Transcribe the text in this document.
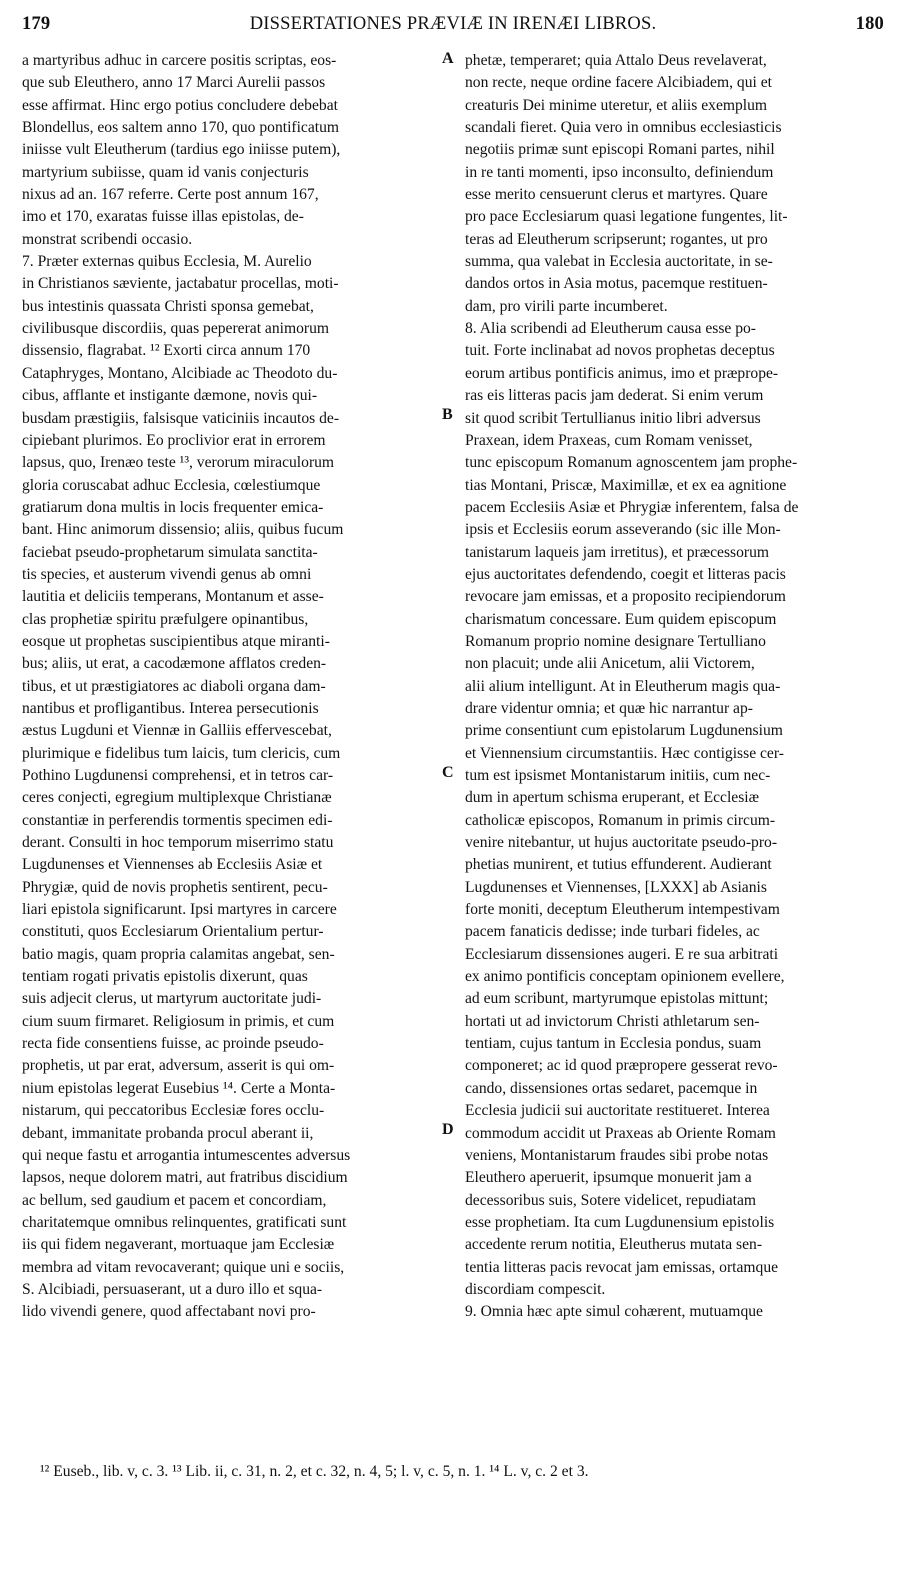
179	DISSERTATIONES PRÆVIÆ IN IRENÆI LIBROS.	180

a martyribus adhuc in carcere positis scriptas, eos-

que sub Eleuthero, anno 17 Marci Aurelii passos

esse affirmat. Hinc ergo potius concludere debebat

Blondellus, eos saltem anno 170, quo pontificatum

iniisse vult Eleutherum (tardius ego iniisse putem),

martyrium subiisse, quam id vanis conjecturis

nixus ad an. 167 referre. Certe post annum 167,

imo et 170, exaratas fuisse illas epistolas, de-

monstrat scribendi occasio.

7. Præter externas quibus Ecclesia, M. Aurelio

in Christianos sæviente, jactabatur procellas, moti-

bus intestinis quassata Christi sponsa gemebat,

civilibusque discordiis, quas pepererat animorum

dissensio, flagrabat. ¹² Exorti circa annum 170

Cataphryges, Montano, Alcibiade ac Theodoto du-

cibus, afflante et instigante dæmone, novis qui-

busdam præstigiis, falsisque vaticiniis incautos de-

cipiebant plurimos. Eo proclivior erat in errorem

lapsus, quo, Irenæo teste ¹³, verorum miraculorum

gloria coruscabat adhuc Ecclesia, cœlestiumque

gratiarum dona multis in locis frequenter emica-

bant. Hinc animorum dissensio; aliis, quibus fucum

faciebat pseudo-prophetarum simulata sanctita-

tis species, et austerum vivendi genus ab omni

lautitia et deliciis temperans, Montanum et asse-

clas prophetiæ spiritu præfulgere opinantibus,

eosque ut prophetas suscipientibus atque miranti-

bus; aliis, ut erat, a cacodæmone afflatos creden-

tibus, et ut præstigiatores ac diaboli organa dam-

nantibus et profligantibus. Interea persecutionis

æstus Lugduni et Viennæ in Galliis effervescebat,

plurimique e fidelibus tum laicis, tum clericis, cum

Pothino Lugdunensi comprehensi, et in tetros car-

ceres conjecti, egregium multiplexque Christianæ

constantiæ in perferendis tormentis specimen edi-

derant. Consulti in hoc temporum miserrimo statu

Lugdunenses et Viennenses ab Ecclesiis Asiæ et

Phrygiæ, quid de novis prophetis sentirent, pecu-

liari epistola significarunt. Ipsi martyres in carcere

constituti, quos Ecclesiarum Orientalium pertur-

batio magis, quam propria calamitas angebat, sen-

tentiam rogati privatis epistolis dixerunt, quas

suis adjecit clerus, ut martyrum auctoritate judi-

cium suum firmaret. Religiosum in primis, et cum

recta fide consentiens fuisse, ac proinde pseudo-

prophetis, ut par erat, adversum, asserit is qui om-

nium epistolas legerat Eusebius ¹⁴. Certe a Monta-

nistarum, qui peccatoribus Ecclesiæ fores occlu-

debant, immanitate probanda procul aberant ii,

qui neque fastu et arrogantia intumescentes adversus

lapsos, neque dolorem matri, aut fratribus discidium

ac bellum, sed gaudium et pacem et concordiam,

charitatemque omnibus relinquentes, gratificati sunt

iis qui fidem negaverant, mortuaque jam Ecclesiæ

membra ad vitam revocaverant; quique uni e sociis,

S. Alcibiadi, persuaserant, ut a duro illo et squa-

lido vivendi genere, quod affectabant novi pro-

phetæ, temperaret; quia Attalo Deus revelaverat,

non recte, neque ordine facere Alcibiadem, qui et

creaturis Dei minime uteretur, et aliis exemplum

scandali fieret. Quia vero in omnibus ecclesiasticis

negotiis primæ sunt episcopi Romani partes, nihil

in re tanti momenti, ipso inconsulto, definiendum

esse merito censuerunt clerus et martyres. Quare

pro pace Ecclesiarum quasi legatione fungentes, lit-

teras ad Eleutherum scripserunt; rogantes, ut pro

summa, qua valebat in Ecclesia auctoritate, in se-

dandos ortos in Asia motus, pacemque restituen-

dam, pro virili parte incumberet.

8. Alia scribendi ad Eleutherum causa esse po-

tuit. Forte inclinabat ad novos prophetas deceptus

eorum artibus pontificis animus, imo et præprope-

ras eis litteras pacis jam dederat. Si enim verum

sit quod scribit Tertullianus initio libri adversus

Praxean, idem Praxeas, cum Romam venisset,

tunc episcopum Romanum agnoscentem jam prophe-

tias Montani, Priscæ, Maximillæ, et ex ea agnitione

pacem Ecclesiis Asiæ et Phrygiæ inferentem, falsa de

ipsis et Ecclesiis eorum asseverando (sic ille Mon-

tanistarum laqueis jam irretitus), et præcessorum

ejus auctoritates defendendo, coegit et litteras pacis

revocare jam emissas, et a proposito recipiendorum

charismatum concessare. Eum quidem episcopum

Romanum proprio nomine designare Tertulliano

non placuit; unde alii Anicetum, alii Victorem,

alii alium intelligunt. At in Eleutherum magis qua-

drare videntur omnia; et quæ hic narrantur ap-

prime consentiunt cum epistolarum Lugdunensium

et Viennensium circumstantiis. Hæc contigisse cer-

tum est ipsismet Montanistarum initiis, cum nec-

dum in apertum schisma eruperant, et Ecclesiæ

catholicæ episcopos, Romanum in primis circum-

venire nitebantur, ut hujus auctoritate pseudo-pro-

phetias munirent, et tutius effunderent. Audierant

Lugdunenses et Viennenses, [LXXX] ab Asianis

forte moniti, deceptum Eleutherum intempestivam

pacem fanaticis dedisse; inde turbari fideles, ac

Ecclesiarum dissensiones augeri. E re sua arbitrati

ex animo pontificis conceptam opinionem evellere,

ad eum scribunt, martyrumque epistolas mittunt;

hortati ut ad invictorum Christi athletarum sen-

tentiam, cujus tantum in Ecclesia pondus, suam

componeret; ac id quod præpropere gesserat revo-

cando, dissensiones ortas sedaret, pacemque in

Ecclesia judicii sui auctoritate restitueret. Interea

commodum accidit ut Praxeas ab Oriente Romam

veniens, Montanistarum fraudes sibi probe notas

Eleuthero aperuerit, ipsumque monuerit jam a

decessoribus suis, Sotere videlicet, repudiatam

esse prophetiam. Ita cum Lugdunensium epistolis

accedente rerum notitia, Eleutherus mutata sen-

tentia litteras pacis revocat jam emissas, ortamque

discordiam compescit.

9. Omnia hæc apte simul cohærent, mutuamque

A
B
C
D
¹² Euseb., lib. v, c. 3. ¹³ Lib. ii, c. 31, n. 2, et c. 32, n. 4, 5; l. v, c. 5, n. 1. ¹⁴ L. v, c. 2 et 3.
